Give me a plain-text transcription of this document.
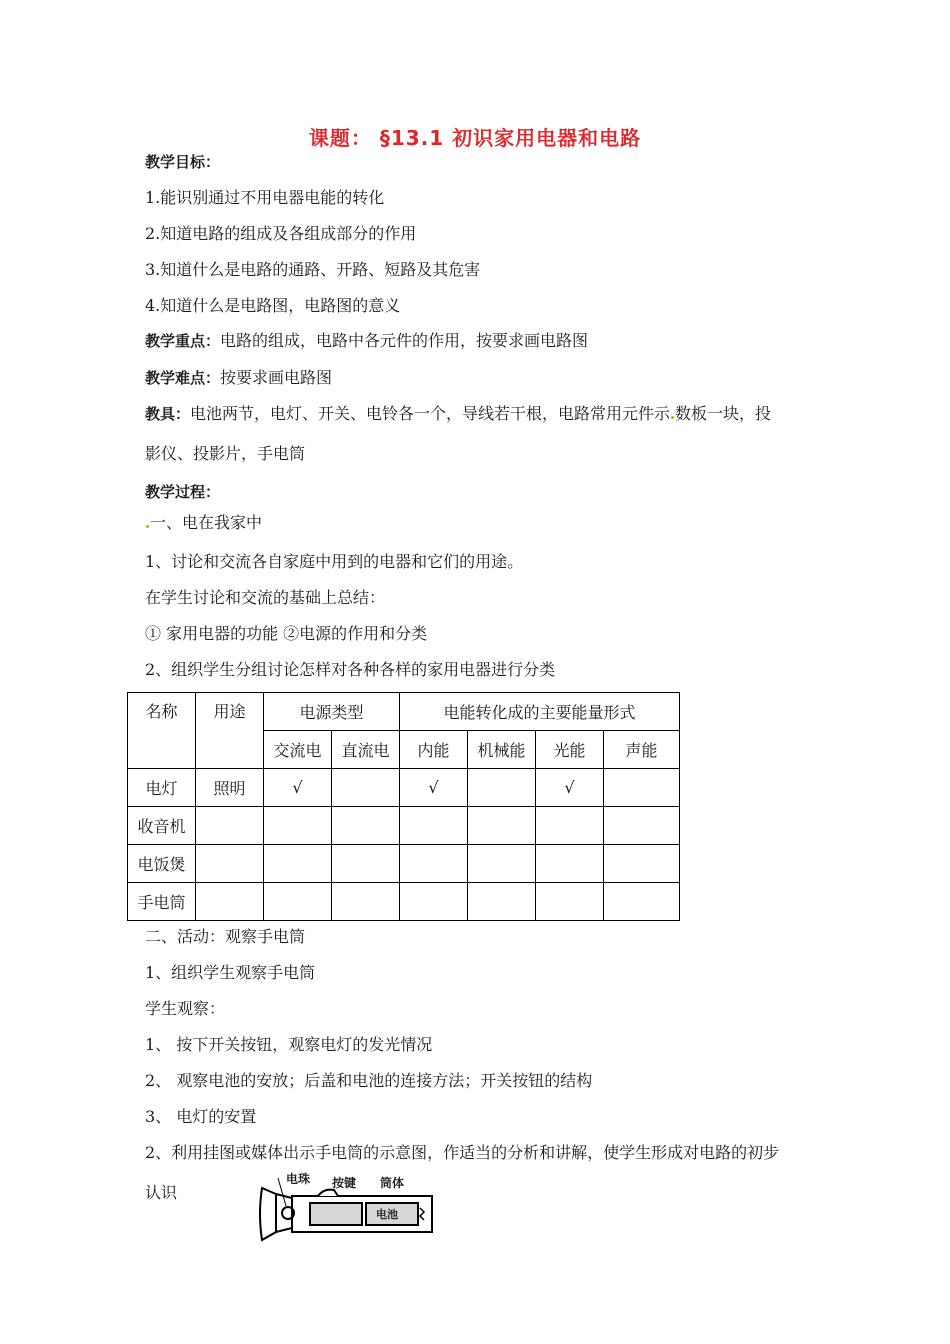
课题： §13.1 初识家用电器和电路
教学目标：
1.能识别通过不用电器电能的转化
2.知道电路的组成及各组成部分的作用
3.知道什么是电路的通路、开路、短路及其危害
4.知道什么是电路图，电路图的意义
教学重点：电路的组成，电路中各元件的作用，按要求画电路图
教学难点：按要求画电路图
教具：电池两节，电灯、开关、电铃各一个，导线若干根，电路常用元件示 数板一块，投
影仪、投影片，手电筒
教学过程：
一、电在我家中
1、讨论和交流各自家庭中用到的电器和它们的用途。
在学生讨论和交流的基础上总结：
① 家用电器的功能 ②电源的作用和分类
2、组织学生分组讨论怎样对各种各样的家用电器进行分类
名称	用途	电源类型		电能转化成的主要能量形式			
		交流电	直流电	内能	机械能	光能	声能
电灯	照明	√		√		√	
收音机							
电饭煲							
手电筒							
二、活动：观察手电筒
1、组织学生观察手电筒
学生观察：
1、 按下开关按钮，观察电灯的发光情况
2、 观察电池的安放；后盖和电池的连接方法；开关按钮的结构
3、 电灯的安置
2、利用挂图或媒体出示手电筒的示意图，作适当的分析和讲解，使学生形成对电路的初步
认识
电珠 按键 筒体
电池
